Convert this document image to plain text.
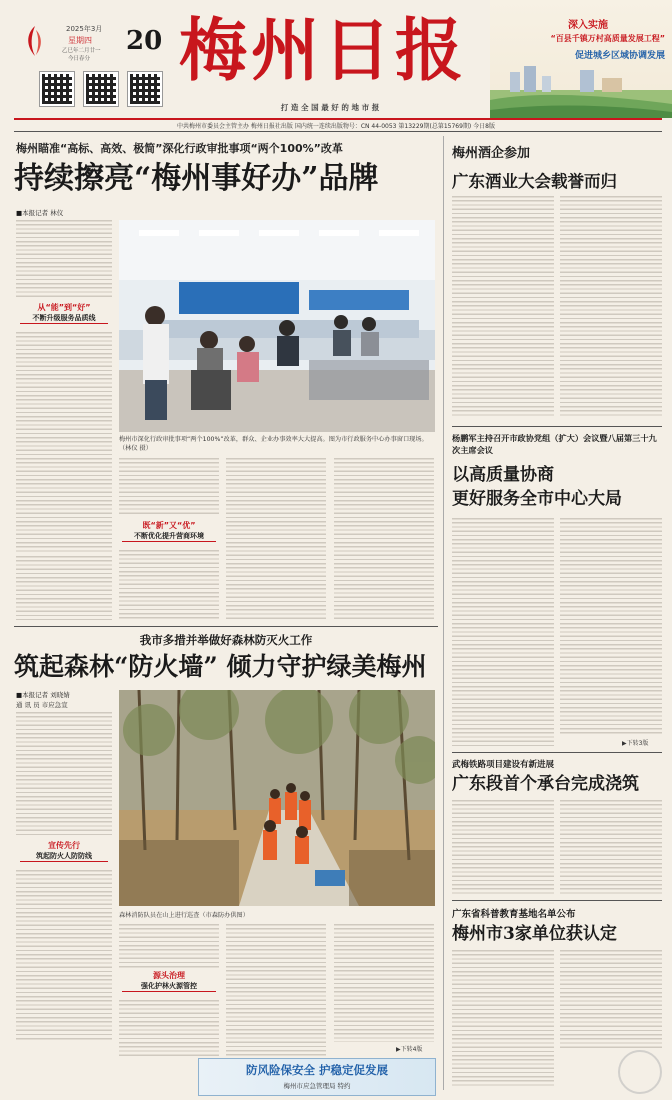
2025年3月 20
星期四
乙巳年二月廿一
今日春分 梅州日报
打 造 全 国 最 好 的 地 市 报
深入实施
“百县千镇万村高质量发展工程”
促进城乡区域协调发展
中共梅州市委员会主管主办 梅州日报社出版 国内统一连续出版物号：CN 44-0053 第13229期(总第15769期) 今日8版
梅州瞄准“高标、高效、极简”深化行政审批事项“两个100%”改革
持续擦亮“梅州事好办”品牌
■本报记者 林仪
从“能”到“好”
不断升级服务品质线
梅州市深化行政审批事项“两个100%”改革，群众、企业办事效率大大提高。图为市行政服务中心办事窗口现场。（林仪 摄）
既“新”又“优”
不断优化提升营商环境
梅州酒企参加
广东酒业大会载誉而归
杨鹏军主持召开市政协党组（扩大）会议暨八届第三十九次主席会议
以高质量协商
更好服务全市中心大局
▶下转3版
我市多措并举做好森林防灭火工作
筑起森林“防火墙” 倾力守护绿美梅州
■本报记者 刘晓婧
通 讯 员 市应急宣
宣传先行
筑起防火人防防线
森林消防队员在山上进行巡查（市森防办供图）
源头治理
强化护林火源管控
▶下转4版
防风险保安全 护稳定促发展
梅州市应急管理局 特约
武梅铁路项目建设有新进展
广东段首个承台完成浇筑
广东省科普教育基地名单公布
梅州市3家单位获认定
